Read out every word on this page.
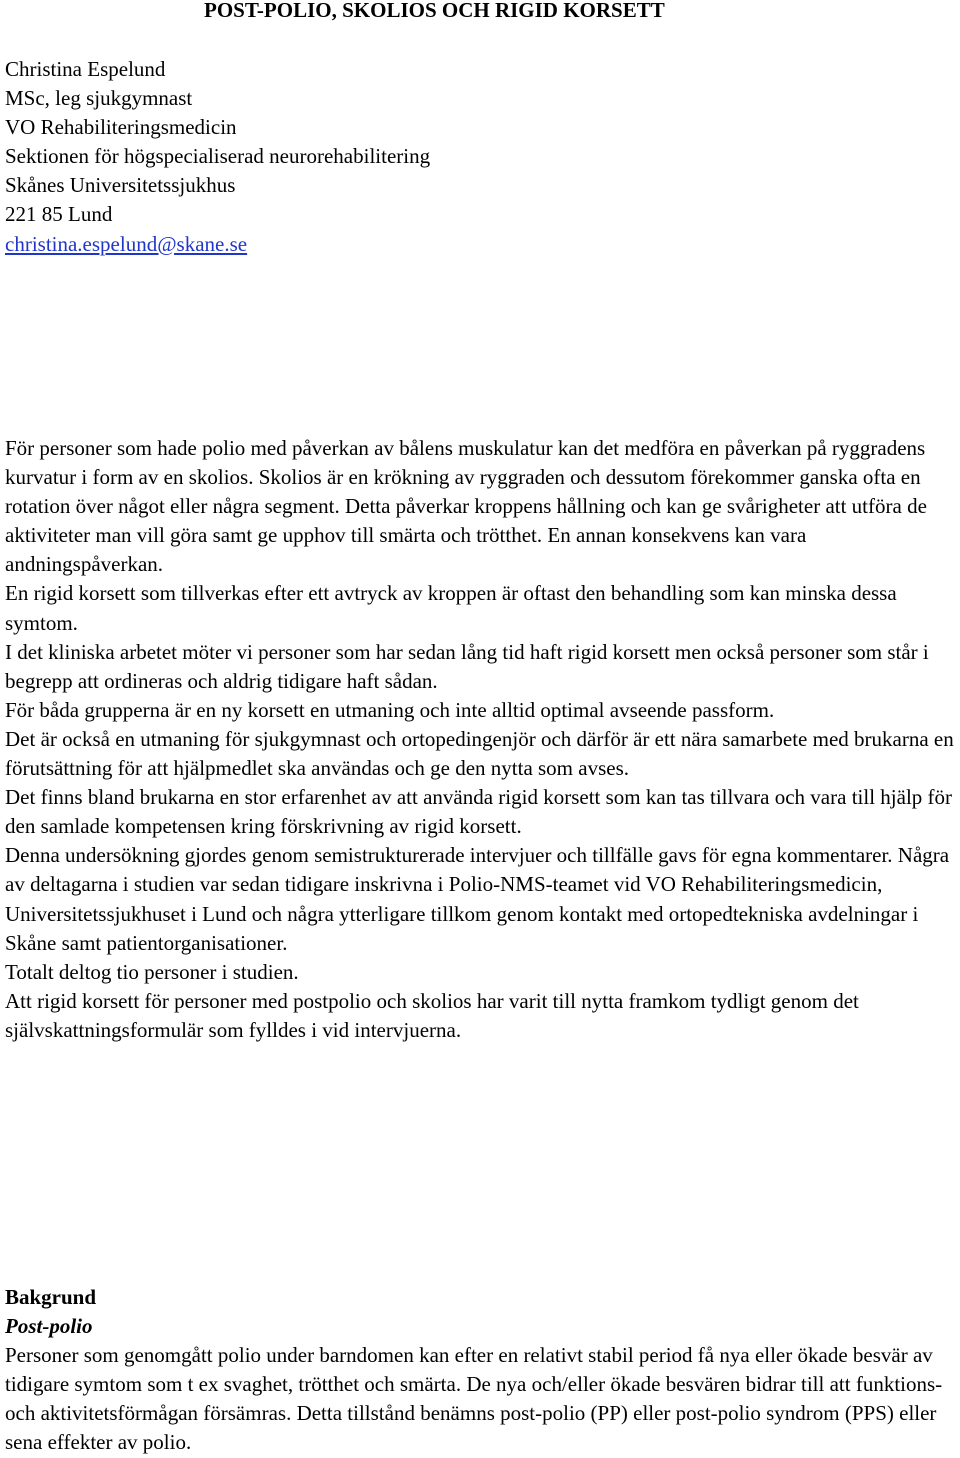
POST-POLIO, SKOLIOS OCH RIGID KORSETT
Christina Espelund
MSc, leg sjukgymnast
VO Rehabiliteringsmedicin
Sektionen för högspecialiserad neurorehabilitering
Skånes Universitetssjukhus
221 85 Lund
christina.espelund@skane.se

För personer som hade polio med påverkan av bålens muskulatur kan det medföra en påverkan på ryggradens kurvatur i form av en skolios. Skolios är en krökning av ryggraden och dessutom förekommer ganska ofta en rotation över något eller några segment. Detta påverkar kroppens hållning och kan ge svårigheter att utföra de aktiviteter man vill göra samt ge upphov till smärta och trötthet. En annan konsekvens kan vara andningspåverkan.

En rigid korsett som tillverkas efter ett avtryck av kroppen är oftast den behandling som kan minska dessa symtom.

I det kliniska arbetet möter vi personer som har sedan lång tid haft rigid korsett men också personer som står i begrepp att ordineras och aldrig tidigare haft sådan.

För båda grupperna är en ny korsett en utmaning och inte alltid optimal avseende passform.

Det är också en utmaning för sjukgymnast och ortopedingenjör och därför är ett nära samarbete med brukarna en förutsättning för att hjälpmedlet ska användas och ge den nytta som avses.

Det finns bland brukarna en stor erfarenhet av att använda rigid korsett som kan tas tillvara och vara till hjälp för den samlade kompetensen kring förskrivning av rigid korsett.

Denna undersökning gjordes genom semistrukturerade intervjuer och tillfälle gavs för egna kommentarer. Några av deltagarna i studien var sedan tidigare inskrivna i Polio-NMS-teamet vid VO Rehabiliteringsmedicin, Universitetssjukhuset i Lund och några ytterligare tillkom genom kontakt med ortopedtekniska avdelningar i Skåne samt patientorganisationer.

Totalt deltog tio personer i studien.

Att rigid korsett för personer med postpolio och skolios har varit till nytta framkom tydligt genom det självskattningsformulär som fylldes i vid intervjuerna.

Bakgrund

Post-polio

Personer som genomgått polio under barndomen kan efter en relativt stabil period få nya eller ökade besvär av tidigare symtom som t ex svaghet, trötthet och smärta. De nya och/eller ökade besvären bidrar till att funktions- och aktivitetsförmågan försämras. Detta tillstånd benämns post-polio (PP) eller post-polio syndrom (PPS) eller sena effekter av polio.
